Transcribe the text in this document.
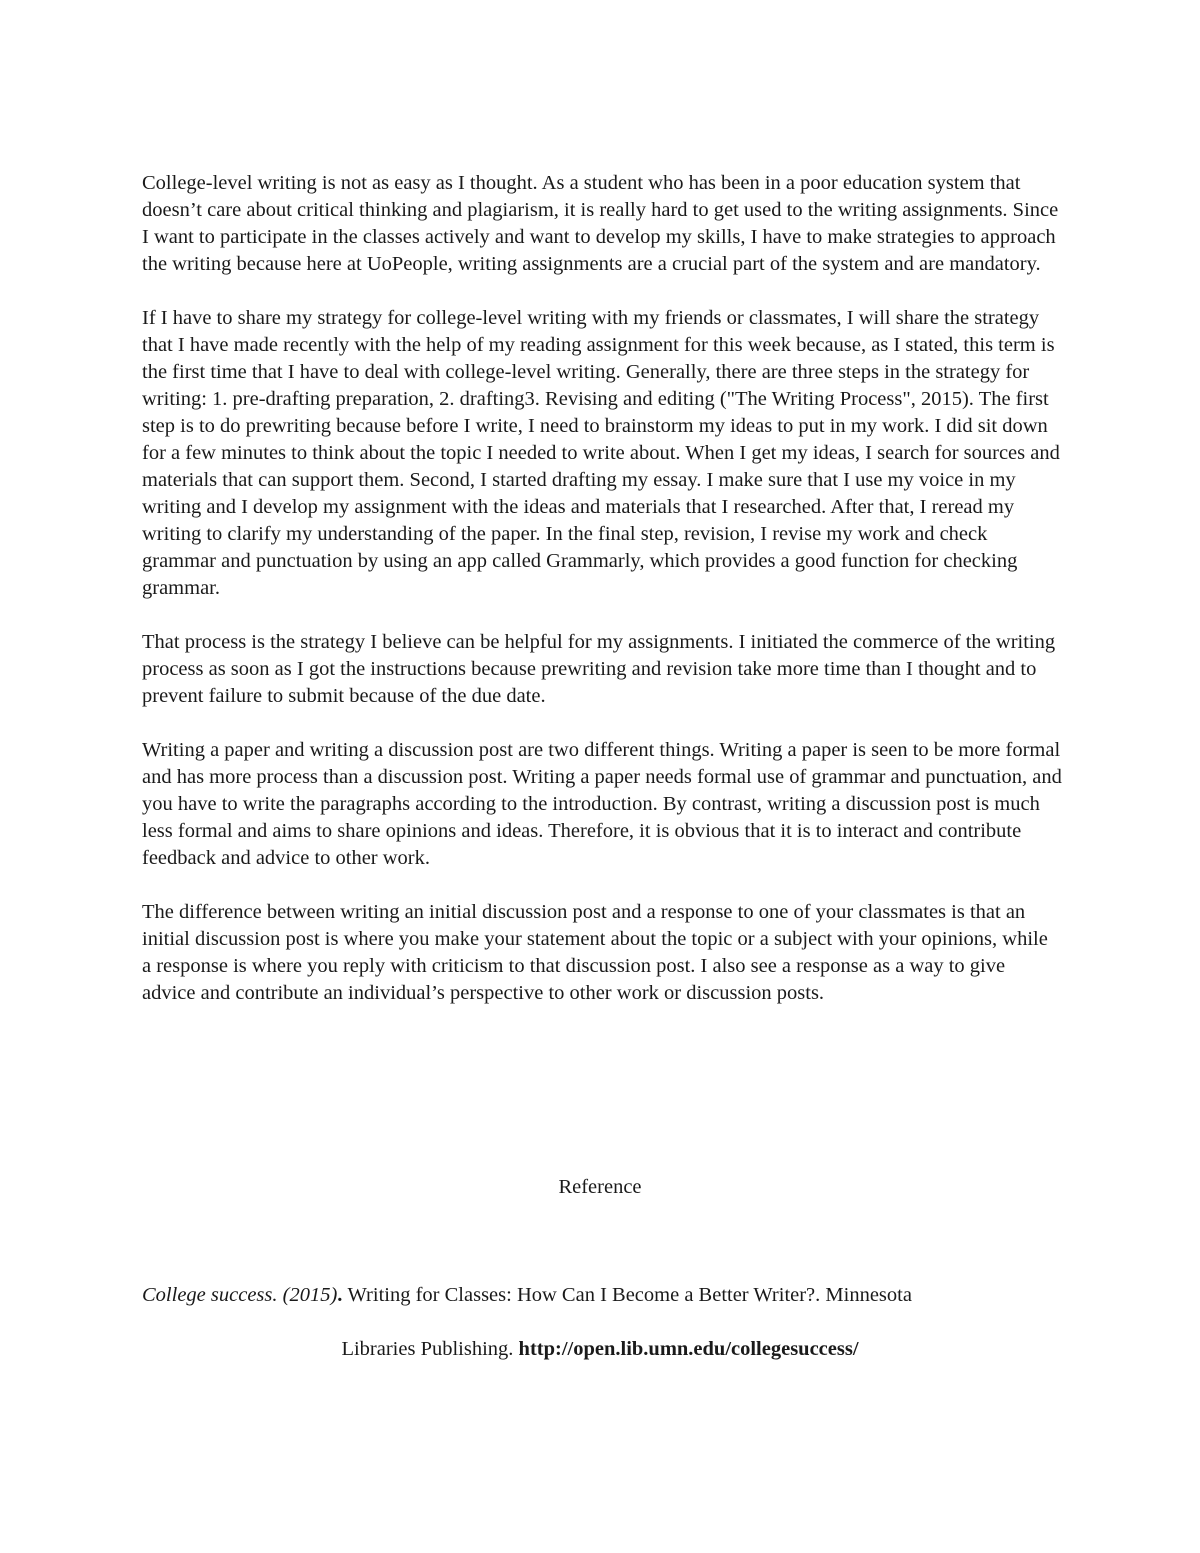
College-level writing is not as easy as I thought. As a student who has been in a poor education system that doesn’t care about critical thinking and plagiarism, it is really hard to get used to the writing assignments. Since I want to participate in the classes actively and want to develop my skills, I have to make strategies to approach the writing because here at UoPeople, writing assignments are a crucial part of the system and are mandatory.

If I have to share my strategy for college-level writing with my friends or classmates, I will share the strategy that I have made recently with the help of my reading assignment for this week because, as I stated, this term is the first time that I have to deal with college-level writing. Generally, there are three steps in the strategy for writing: 1. pre-drafting preparation, 2. drafting3. Revising and editing ("The Writing Process", 2015). The first step is to do prewriting because before I write, I need to brainstorm my ideas to put in my work. I did sit down for a few minutes to think about the topic I needed to write about. When I get my ideas, I search for sources and materials that can support them. Second, I started drafting my essay. I make sure that I use my voice in my writing and I develop my assignment with the ideas and materials that I researched. After that, I reread my writing to clarify my understanding of the paper. In the final step, revision, I revise my work and check grammar and punctuation by using an app called Grammarly, which provides a good function for checking grammar.

That process is the strategy I believe can be helpful for my assignments. I initiated the commerce of the writing process as soon as I got the instructions because prewriting and revision take more time than I thought and to prevent failure to submit because of the due date.

Writing a paper and writing a discussion post are two different things. Writing a paper is seen to be more formal and has more process than a discussion post. Writing a paper needs formal use of grammar and punctuation, and you have to write the paragraphs according to the introduction. By contrast, writing a discussion post is much less formal and aims to share opinions and ideas. Therefore, it is obvious that it is to interact and contribute feedback and advice to other work.

The difference between writing an initial discussion post and a response to one of your classmates is that an initial discussion post is where you make your statement about the topic or a subject with your opinions, while a response is where you reply with criticism to that discussion post. I also see a response as a way to give advice and contribute an individual’s perspective to other work or discussion posts.

Reference

College success. (2015). Writing for Classes: How Can I Become a Better Writer?. Minnesota

Libraries Publishing. http://open.lib.umn.edu/collegesuccess/
